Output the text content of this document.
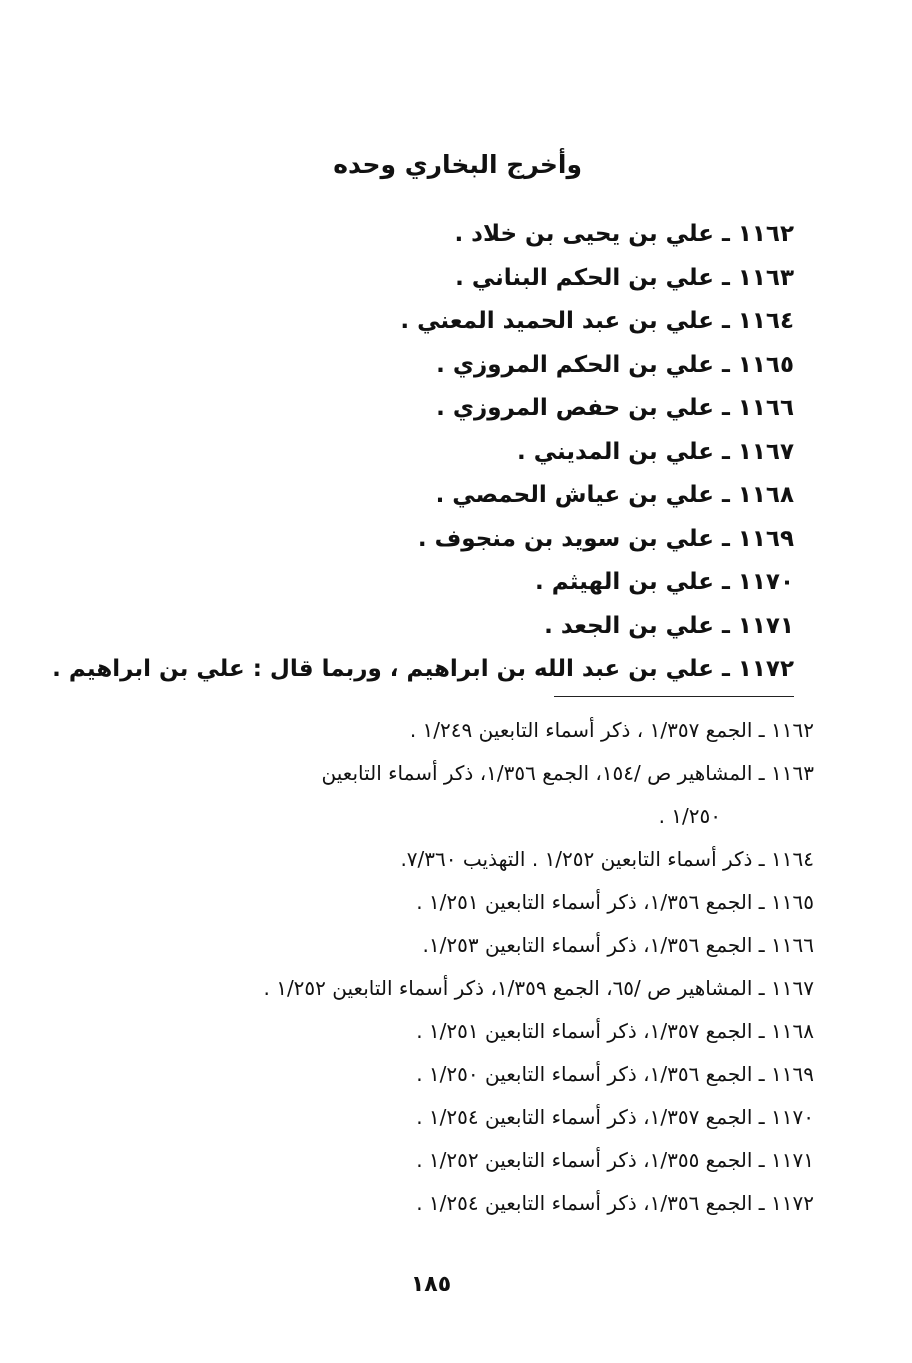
وأخرج البخاري وحده
١١٦٢ ـ علي بن يحيى بن خلاد .
١١٦٣ ـ علي بن الحكم البناني .
١١٦٤ ـ علي بن عبد الحميد المعني .
١١٦٥ ـ علي بن الحكم المروزي .
١١٦٦ ـ علي بن حفص المروزي .
١١٦٧ ـ علي بن المديني .
١١٦٨ ـ علي بن عياش الحمصي .
١١٦٩ ـ علي بن سويد بن منجوف .
١١٧٠ ـ علي بن الهيثم .
١١٧١ ـ علي بن الجعد .
١١٧٢ ـ علي بن عبد الله بن ابراهيم ، وربما قال : علي بن ابراهيم .
١١٦٢ ـ الجمع ١/٣٥٧ ، ذكر أسماء التابعين ١/٢٤٩ .
١١٦٣ ـ المشاهير ص /١٥٤، الجمع ١/٣٥٦، ذكر أسماء التابعين
١/٢٥٠ .
١١٦٤ ـ ذكر أسماء التابعين ١/٢٥٢ . التهذيب ٧/٣٦٠.
١١٦٥ ـ الجمع ١/٣٥٦، ذكر أسماء التابعين ١/٢٥١ .
١١٦٦ ـ الجمع ١/٣٥٦، ذكر أسماء التابعين ١/٢٥٣.
١١٦٧ ـ المشاهير ص /٦٥، الجمع ١/٣٥٩، ذكر أسماء التابعين ١/٢٥٢ .
١١٦٨ ـ الجمع ١/٣٥٧، ذكر أسماء التابعين ١/٢٥١ .
١١٦٩ ـ الجمع ١/٣٥٦، ذكر أسماء التابعين ١/٢٥٠ .
١١٧٠ ـ الجمع ١/٣٥٧، ذكر أسماء التابعين ١/٢٥٤ .
١١٧١ ـ الجمع ١/٣٥٥، ذكر أسماء التابعين ١/٢٥٢ .
١١٧٢ ـ الجمع ١/٣٥٦، ذكر أسماء التابعين ١/٢٥٤ .
١٨٥
